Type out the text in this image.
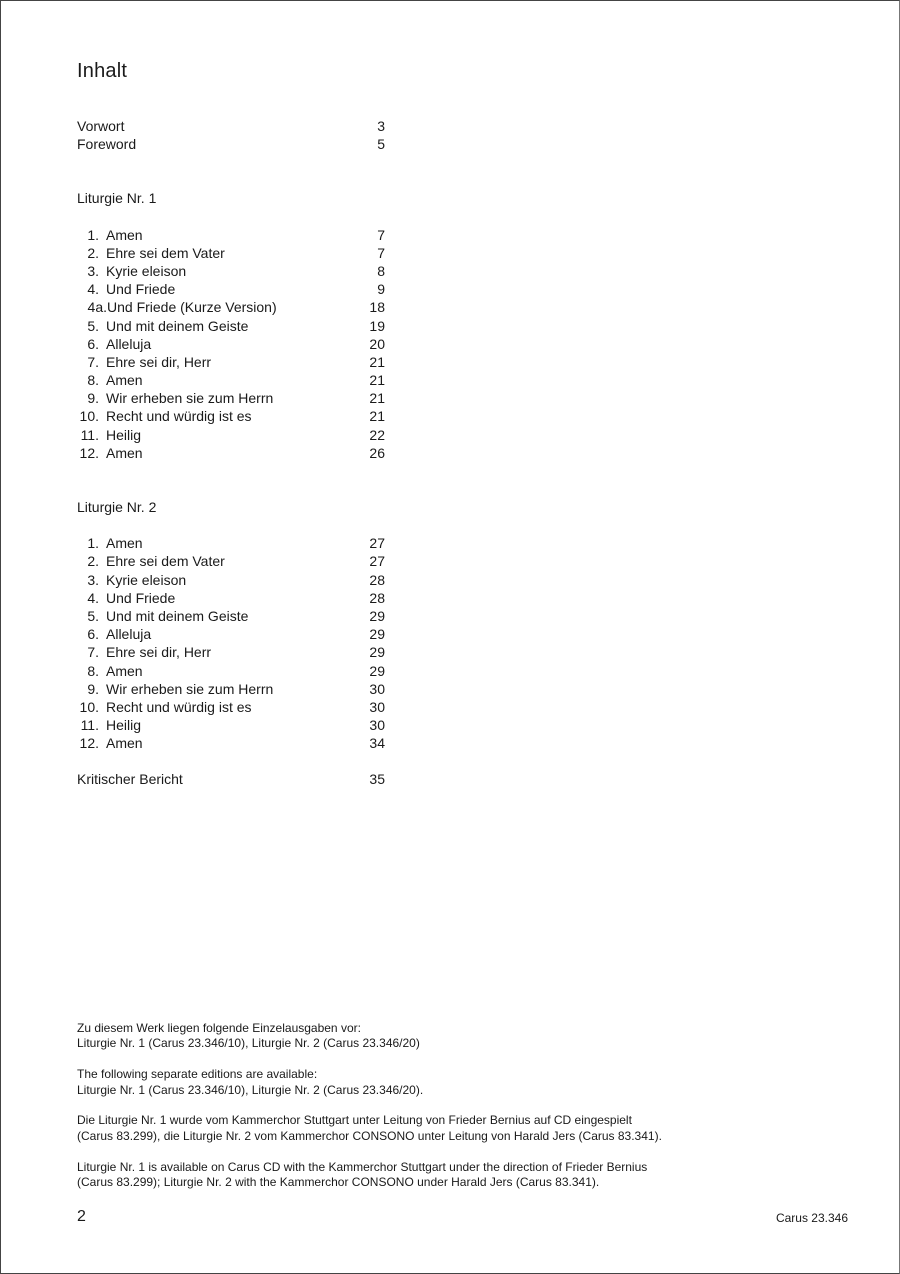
Inhalt
Vorwort	3
Foreword	5
Liturgie Nr. 1
1. Amen	7
2. Ehre sei dem Vater	7
3. Kyrie eleison	8
4. Und Friede	9
4a. Und Friede (Kurze Version)	18
5. Und mit deinem Geiste	19
6. Alleluja	20
7. Ehre sei dir, Herr	21
8. Amen	21
9. Wir erheben sie zum Herrn	21
10. Recht und würdig ist es	21
11. Heilig	22
12. Amen	26
Liturgie Nr. 2
1. Amen	27
2. Ehre sei dem Vater	27
3. Kyrie eleison	28
4. Und Friede	28
5. Und mit deinem Geiste	29
6. Alleluja	29
7. Ehre sei dir, Herr	29
8. Amen	29
9. Wir erheben sie zum Herrn	30
10. Recht und würdig ist es	30
11. Heilig	30
12. Amen	34
Kritischer Bericht	35

Zu diesem Werk liegen folgende Einzelausgaben vor:
Liturgie Nr. 1 (Carus 23.346/10), Liturgie Nr. 2 (Carus 23.346/20)

The following separate editions are available:
Liturgie Nr. 1 (Carus 23.346/10), Liturgie Nr. 2 (Carus 23.346/20).

Die Liturgie Nr. 1 wurde vom Kammerchor Stuttgart unter Leitung von Frieder Bernius auf CD eingespielt
(Carus 83.299), die Liturgie Nr. 2 vom Kammerchor CONSONO unter Leitung von Harald Jers (Carus 83.341).

Liturgie Nr. 1 is available on Carus CD with the Kammerchor Stuttgart under the direction of Frieder Bernius
(Carus 83.299); Liturgie Nr. 2 with the Kammerchor CONSONO under Harald Jers (Carus 83.341).

2	Carus 23.346
